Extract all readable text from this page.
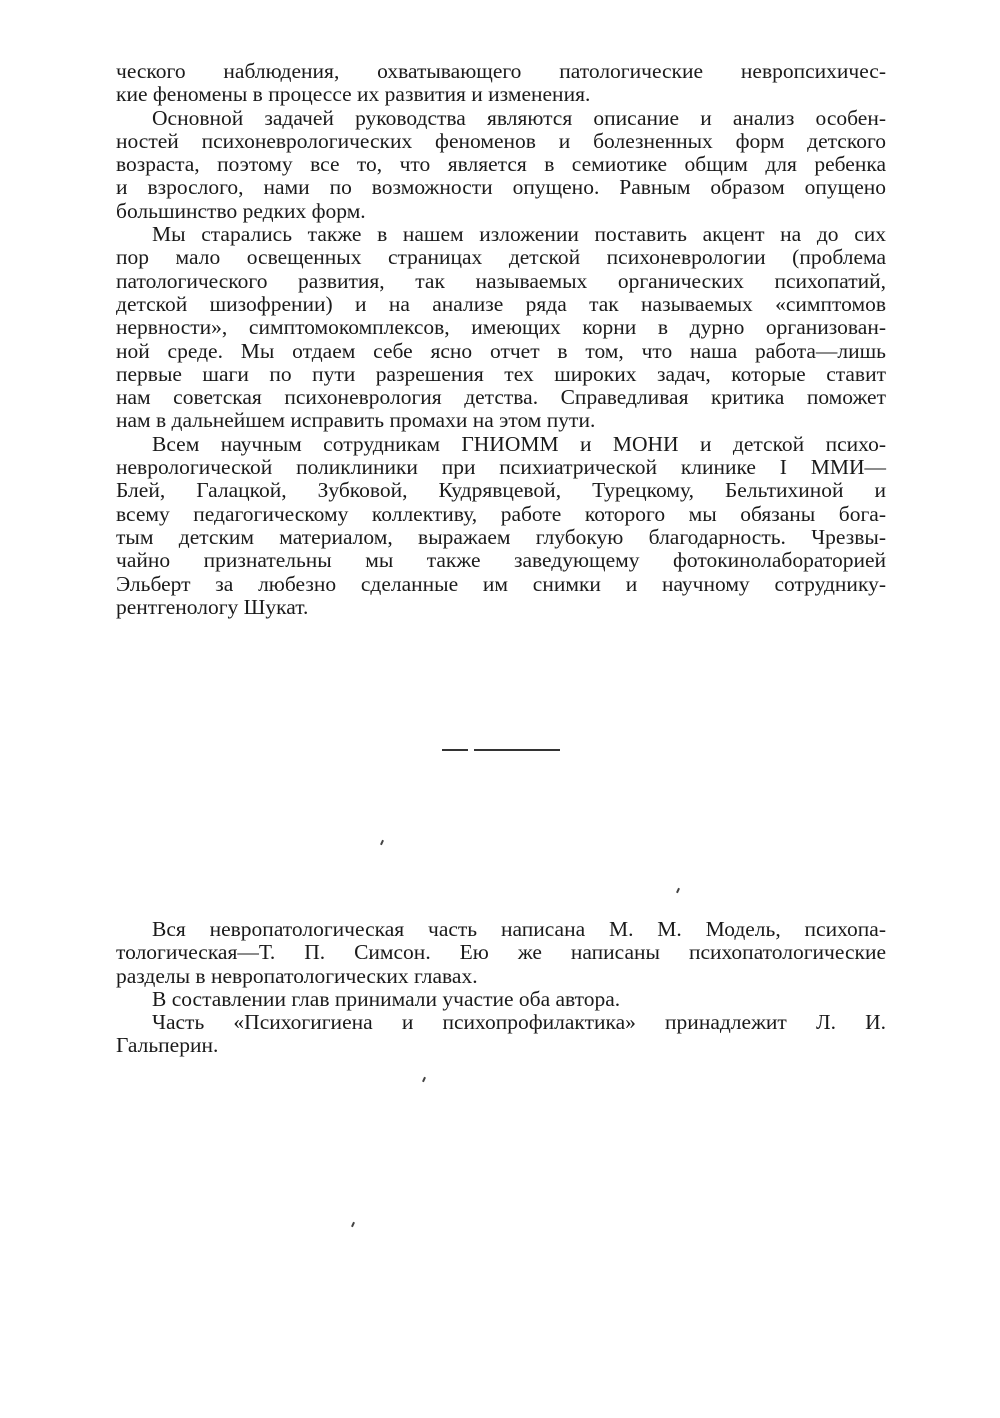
ческого наблюдения, охватывающего патологические невропсихичес-
кие феномены в процессе их развития и изменения.
Основной задачей руководства являются описание и анализ особен-
ностей психоневрологических феноменов и болезненных форм детского
возраста, поэтому все то, что является в семиотике общим для ребенка
и взрослого, нами по возможности опущено. Равным образом опущено
большинство редких форм.
Мы старались также в нашем изложении поставить акцент на до сих
пор мало освещенных страницах детской психоневрологии (проблема
патологического развития, так называемых органических психопатий,
детской шизофрении) и на анализе ряда так называемых «симптомов
нервности», симптомокомплексов, имеющих корни в дурно организован-
ной среде. Мы отдаем себе ясно отчет в том, что наша работа—лишь
первые шаги по пути разрешения тех широких задач, которые ставит
нам советская психоневрология детства. Справедливая критика поможет
нам в дальнейшем исправить промахи на этом пути.
Всем научным сотрудникам ГНИОММ и МОНИ и детской психо-
неврологической поликлиники при психиатрической клинике I ММИ—
Блей, Галацкой, Зубковой, Кудрявцевой, Турецкому, Бельтихиной и
всему педагогическому коллективу, работе которого мы обязаны бога-
тым детским материалом, выражаем глубокую благодарность. Чрезвы-
чайно признательны мы также заведующему фотокинолабораторией
Эльберт за любезно сделанные им снимки и научному сотруднику-
рентгенологу Шукат.
Вся невропатологическая часть написана М. М. Модель, психопа-
тологическая—Т. П. Симсон. Ею же написаны психопатологические
разделы в невропатологических главах.
В составлении глав принимали участие оба автора.
Часть «Психогигиена и психопрофилактика» принадлежит Л. И.
Гальперин.
